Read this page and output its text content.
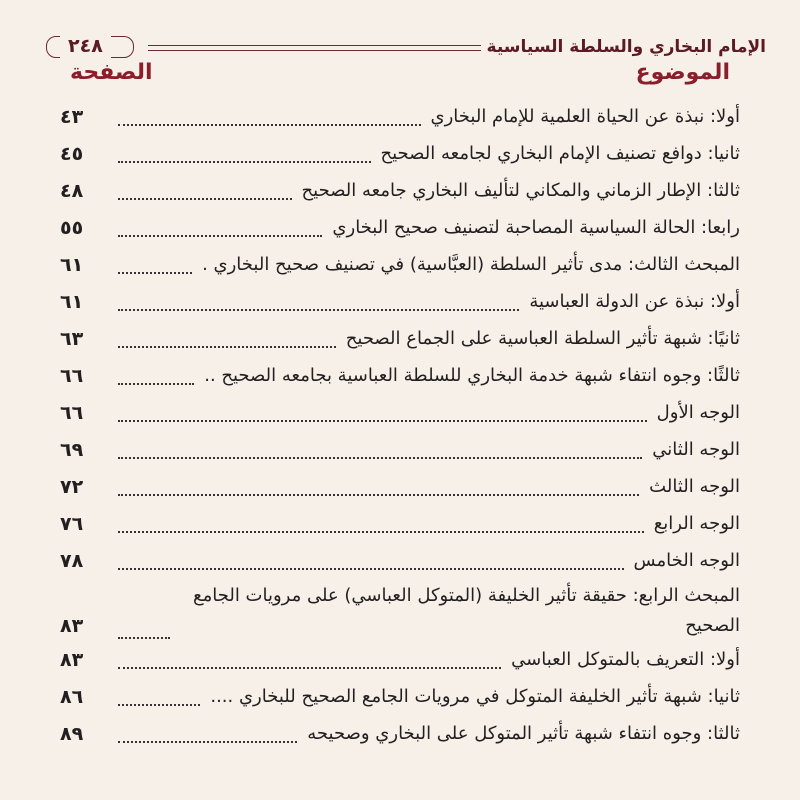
٢٤٨	الإمام البخاري والسلطة السياسية
الموضوع
الصفحة
أولا: نبذة عن الحياة العلمية للإمام البخاري
٤٣
ثانيا: دوافع تصنيف الإمام البخاري لجامعه الصحيح
٤٥
ثالثا: الإطار الزماني والمكاني لتأليف البخاري جامعه الصحيح
٤٨
رابعا: الحالة السياسية المصاحبة لتصنيف صحيح البخاري
٥٥
المبحث الثالث: مدى تأثير السلطة (العبَّاسية) في تصنيف صحيح البخاري .
٦١
أولا: نبذة عن الدولة العباسية
٦١
ثانيًا: شبهة تأثير السلطة العباسية على الجماع الصحيح
٦٣
ثالثًا: وجوه انتفاء شبهة خدمة البخاري للسلطة العباسية بجامعه الصحيح ..
٦٦
الوجه الأول
٦٦
الوجه الثاني
٦٩
الوجه الثالث
٧٢
الوجه الرابع
٧٦
الوجه الخامس
٧٨
المبحث الرابع: حقيقة تأثير الخليفة (المتوكل العباسي) على مرويات الجامع الصحيح
٨٣
أولا: التعريف بالمتوكل العباسي
٨٣
ثانيا: شبهة تأثير الخليفة المتوكل في مرويات الجامع الصحيح للبخاري ....
٨٦
ثالثا: وجوه انتفاء شبهة تأثير المتوكل على البخاري وصحيحه
٨٩
